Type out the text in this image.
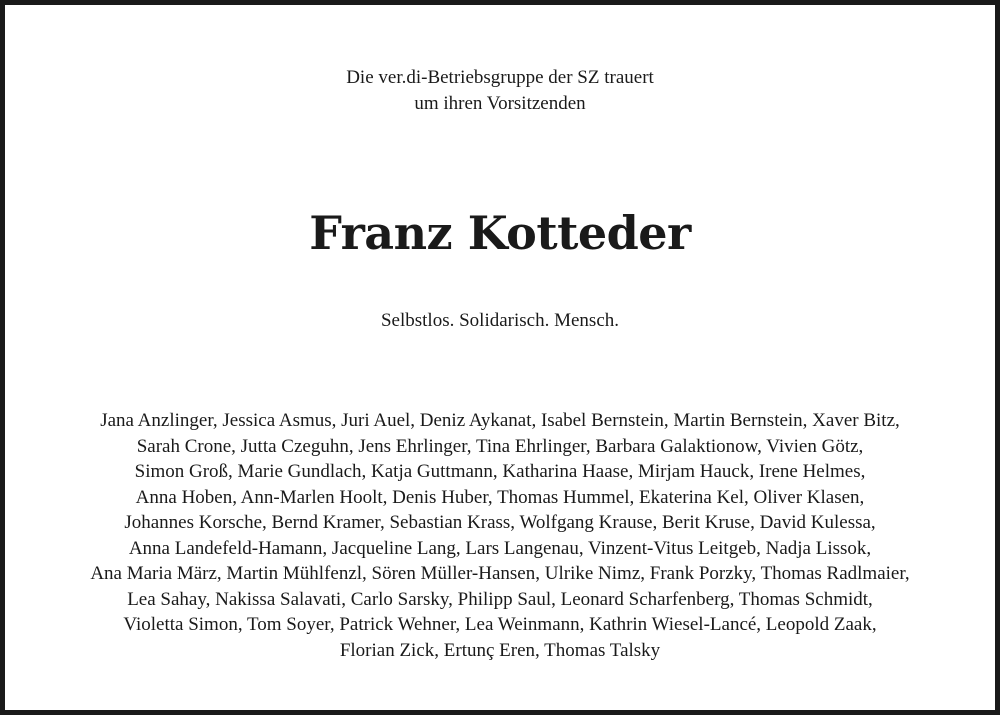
Die ver.di-Betriebsgruppe der SZ trauert
um ihren Vorsitzenden
Franz Kotteder
Selbstlos. Solidarisch. Mensch.
Jana Anzlinger, Jessica Asmus, Juri Auel, Deniz Aykanat, Isabel Bernstein, Martin Bernstein, Xaver Bitz,
Sarah Crone, Jutta Czeguhn, Jens Ehrlinger, Tina Ehrlinger, Barbara Galaktionow, Vivien Götz,
Simon Groß, Marie Gundlach, Katja Guttmann, Katharina Haase, Mirjam Hauck, Irene Helmes,
Anna Hoben, Ann-Marlen Hoolt, Denis Huber, Thomas Hummel, Ekaterina Kel, Oliver Klasen,
Johannes Korsche, Bernd Kramer, Sebastian Krass, Wolfgang Krause, Berit Kruse, David Kulessa,
Anna Landefeld-Hamann, Jacqueline Lang, Lars Langenau, Vinzent-Vitus Leitgeb, Nadja Lissok,
Ana Maria März, Martin Mühlfenzl, Sören Müller-Hansen, Ulrike Nimz, Frank Porzky, Thomas Radlmaier,
Lea Sahay, Nakissa Salavati, Carlo Sarsky, Philipp Saul, Leonard Scharfenberg, Thomas Schmidt,
Violetta Simon, Tom Soyer, Patrick Wehner, Lea Weinmann, Kathrin Wiesel-Lancé, Leopold Zaak,
Florian Zick, Ertunç Eren, Thomas Talsky
